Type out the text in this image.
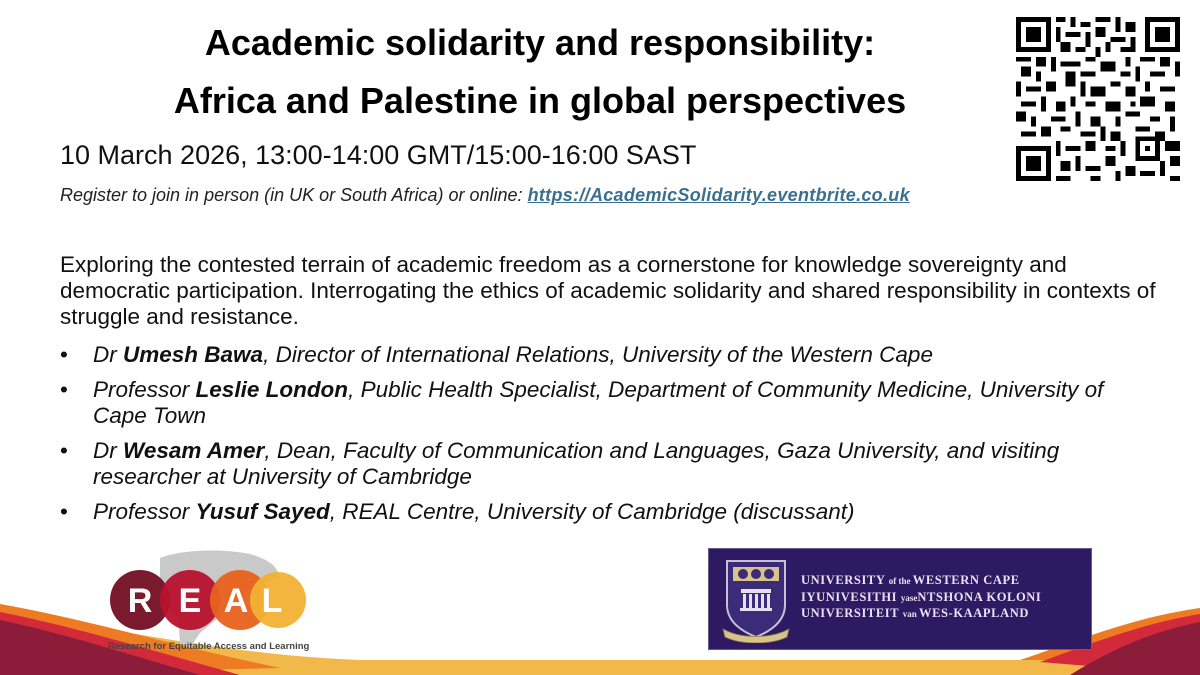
Academic solidarity and responsibility:
Africa and Palestine in global perspectives
10 March 2026, 13:00-14:00 GMT/15:00-16:00 SAST
Register to join in person (in UK or South Africa) or online: https://AcademicSolidarity.eventbrite.co.uk
Exploring the contested terrain of academic freedom as a cornerstone for knowledge sovereignty and democratic participation. Interrogating the ethics of academic solidarity and shared responsibility in contexts of struggle and resistance.
• Dr Umesh Bawa, Director of International Relations, University of the Western Cape
• Professor Leslie London, Public Health Specialist, Department of Community Medicine, University of Cape Town
• Dr Wesam Amer, Dean, Faculty of Communication and Languages, Gaza University, and visiting researcher at University of Cambridge
• Professor Yusuf Sayed, REAL Centre, University of Cambridge (discussant)
R E A L
Research for Equitable Access and Learning
UNIVERSITY of the WESTERN CAPE
IYUNIVESITHI yaseNTSHONA KOLONI
UNIVERSITEIT van WES-KAAPLAND
